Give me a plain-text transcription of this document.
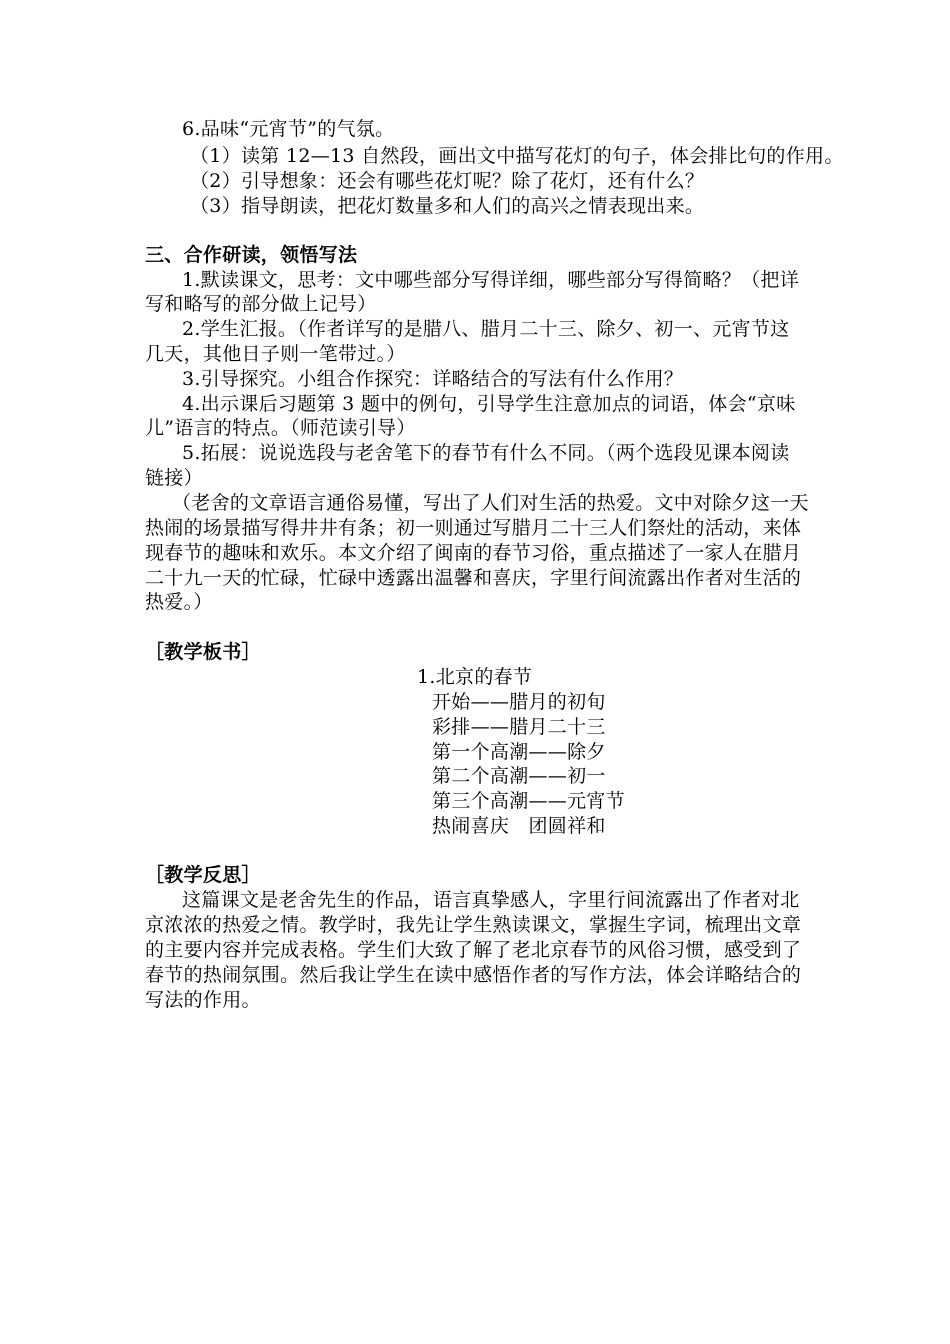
6.品味“元宵节”的气氛。
（1）读第 12—13 自然段，画出文中描写花灯的句子，体会排比句的作用。
（2）引导想象：还会有哪些花灯呢？除了花灯，还有什么？
（3）指导朗读，把花灯数量多和人们的高兴之情表现出来。
三、合作研读，领悟写法
1.默读课文，思考：文中哪些部分写得详细，哪些部分写得简略？（把详
写和略写的部分做上记号）
2.学生汇报。（作者详写的是腊八、腊月二十三、除夕、初一、元宵节这
几天，其他日子则一笔带过。）
3.引导探究。小组合作探究：详略结合的写法有什么作用？
4.出示课后习题第 3 题中的例句，引导学生注意加点的词语，体会“京味
儿”语言的特点。（师范读引导）
5.拓展：说说选段与老舍笔下的春节有什么不同。（两个选段见课本阅读
链接）
（老舍的文章语言通俗易懂，写出了人们对生活的热爱。文中对除夕这一天
热闹的场景描写得井井有条；初一则通过写腊月二十三人们祭灶的活动，来体
现春节的趣味和欢乐。本文介绍了闽南的春节习俗，重点描述了一家人在腊月
二十九一天的忙碌，忙碌中透露出温馨和喜庆，字里行间流露出作者对生活的
热爱。）
［教学板书］
1.北京的春节
开始——腊月的初旬
彩排——腊月二十三
第一个高潮——除夕
第二个高潮——初一
第三个高潮——元宵节
热闹喜庆　团圆祥和
［教学反思］
这篇课文是老舍先生的作品，语言真挚感人，字里行间流露出了作者对北
京浓浓的热爱之情。教学时，我先让学生熟读课文，掌握生字词，梳理出文章
的主要内容并完成表格。学生们大致了解了老北京春节的风俗习惯，感受到了
春节的热闹氛围。然后我让学生在读中感悟作者的写作方法，体会详略结合的
写法的作用。
